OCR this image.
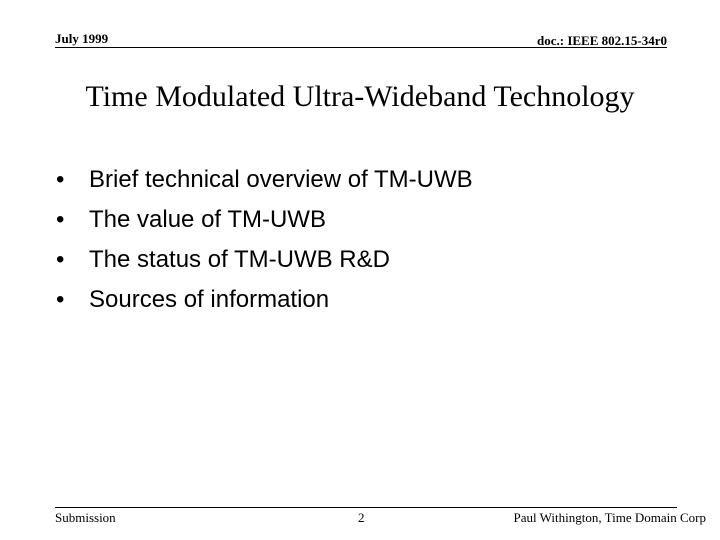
July 1999	doc.: IEEE 802.15-34r0
Time Modulated Ultra-Wideband Technology
• Brief technical overview of TM-UWB
• The value of TM-UWB
• The status of TM-UWB R&D
• Sources of information
Submission	2	Paul Withington, Time Domain Corp
